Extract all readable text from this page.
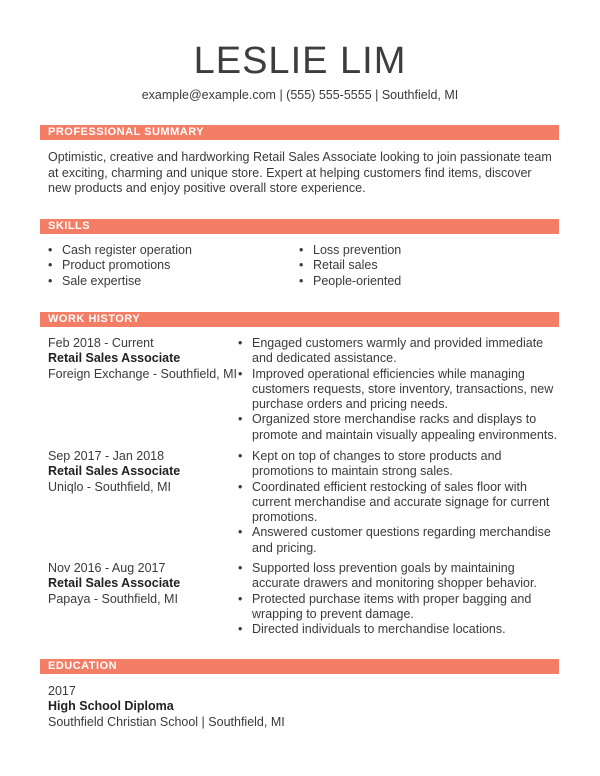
LESLIE LIM
example@example.com | (555) 555-5555 | Southfield, MI
PROFESSIONAL SUMMARY
Optimistic, creative and hardworking Retail Sales Associate looking to join passionate team at exciting, charming and unique store. Expert at helping customers find items, discover new products and enjoy positive overall store experience.
SKILLS
• Cash register operation
• Product promotions
• Sale expertise
• Loss prevention
• Retail sales
• People-oriented
WORK HISTORY
Feb 2018 - Current
Retail Sales Associate
Foreign Exchange - Southfield, MI
• Engaged customers warmly and provided immediate and dedicated assistance.
• Improved operational efficiencies while managing customers requests, store inventory, transactions, new purchase orders and pricing needs.
• Organized store merchandise racks and displays to promote and maintain visually appealing environments.
Sep 2017 - Jan 2018
Retail Sales Associate
Uniqlo - Southfield, MI
• Kept on top of changes to store products and promotions to maintain strong sales.
• Coordinated efficient restocking of sales floor with current merchandise and accurate signage for current promotions.
• Answered customer questions regarding merchandise and pricing.
Nov 2016 - Aug 2017
Retail Sales Associate
Papaya - Southfield, MI
• Supported loss prevention goals by maintaining accurate drawers and monitoring shopper behavior.
• Protected purchase items with proper bagging and wrapping to prevent damage.
• Directed individuals to merchandise locations.
EDUCATION
2017
High School Diploma
Southfield Christian School | Southfield, MI
